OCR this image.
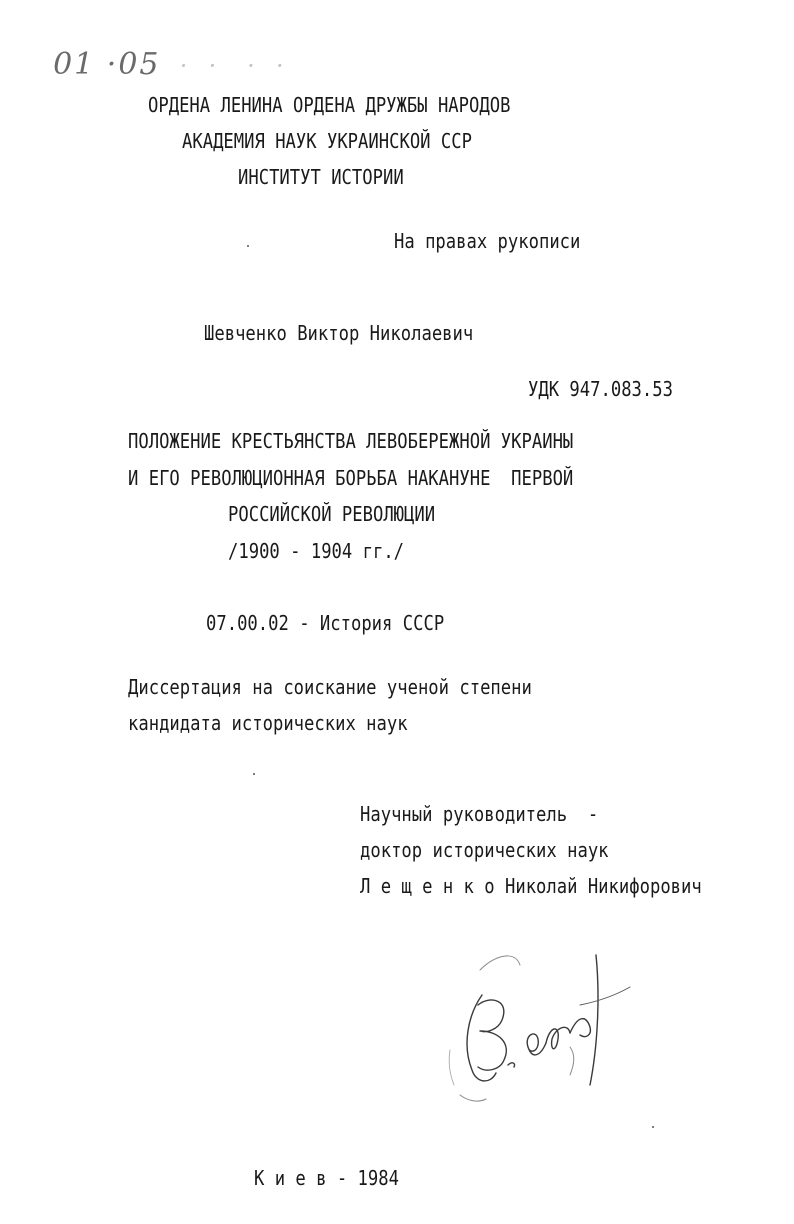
01 ·05  ·  ·   ·  ·

ОРДЕНА ЛЕНИНА ОРДЕНА ДРУЖБЫ НАРОДОВ
АКАДЕМИЯ НАУК УКРАИНСКОЙ ССР
ИНСТИТУТ ИСТОРИИ
На правах рукописи
Шевченко Виктор Николаевич
УДК 947.083.53
ПОЛОЖЕНИЕ КРЕСТЬЯНСТВА ЛЕВОБЕРЕЖНОЙ УКРАИНЫ
И ЕГО РЕВОЛЮЦИОННАЯ БОРЬБА НАКАНУНЕ  ПЕРВОЙ
РОССИЙСКОЙ РЕВОЛЮЦИИ
/1900 - 1904 гг./
07.00.02 - История СССР
Диссертация на соискание ученой степени
кандидата исторических наук
Научный руководитель  -
доктор исторических наук
Л е щ е н к о Николай Никифорович
К и е в - 1984
